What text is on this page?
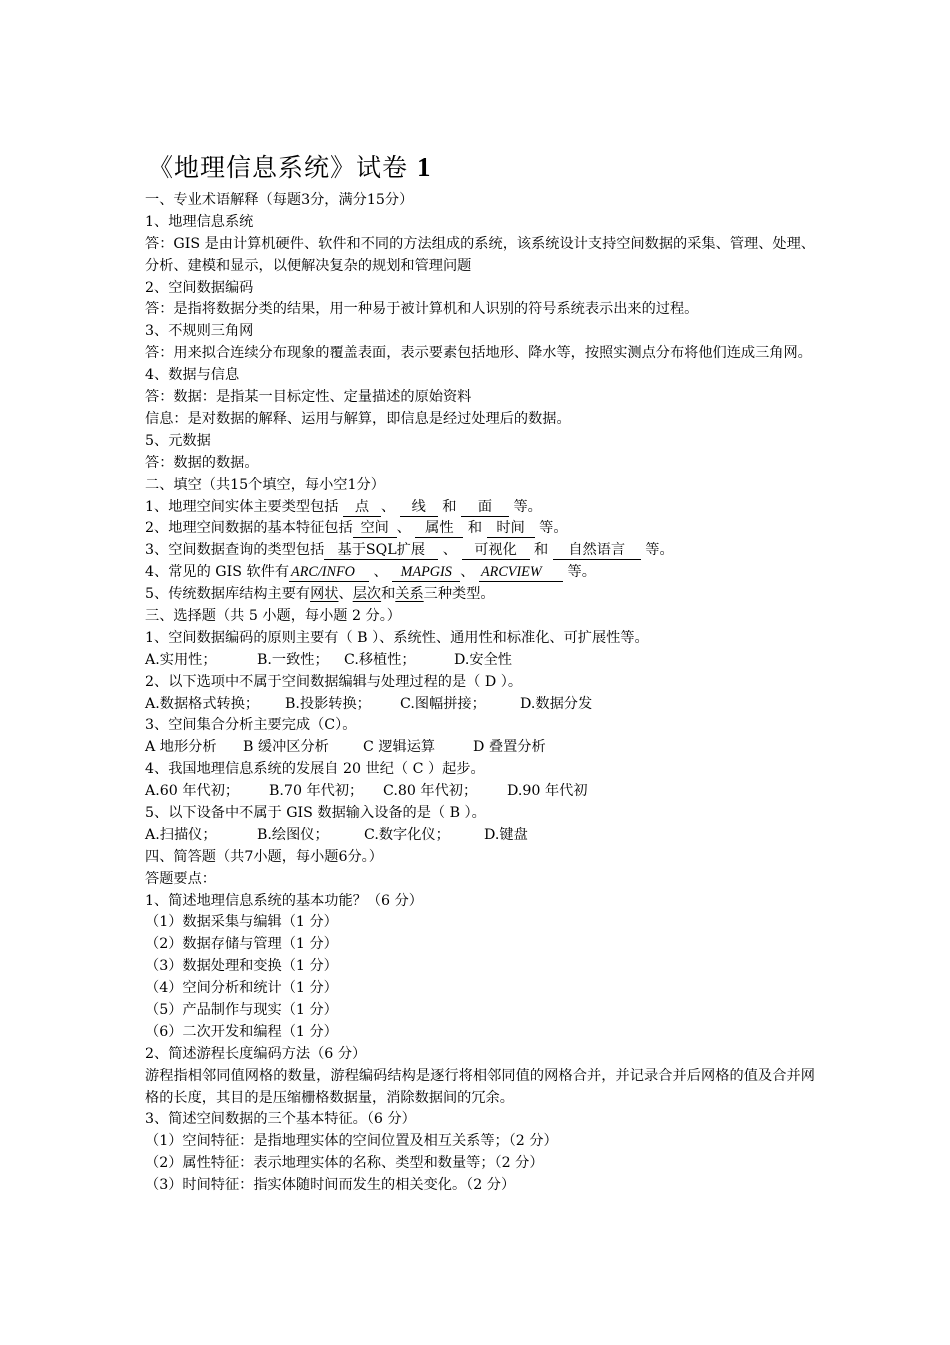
《地理信息系统》试卷 1
一、专业术语解释（每题3分，满分15分）
1、地理信息系统
答：GIS 是由计算机硬件、软件和不同的方法组成的系统，该系统设计支持空间数据的采集、管理、处理、分析、建模和显示，以便解决复杂的规划和管理问题
2、空间数据编码
答：是指将数据分类的结果，用一种易于被计算机和人识别的符号系统表示出来的过程。
3、不规则三角网
答：用来拟合连续分布现象的覆盖表面，表示要素包括地形、降水等，按照实测点分布将他们连成三角网。
4、数据与信息
答：数据：是指某一目标定性、定量描述的原始资料
信息：是对数据的解释、运用与解算，即信息是经过处理后的数据。
5、元数据
答：数据的数据。
二、填空（共15个填空，每小空1分）
1、地理空间实体主要类型包括 点 、 线 和 面 等。
2、地理空间数据的基本特征包括 空间 、 属性 和 时间 等。
3、空间数据查询的类型包括 基于SQL扩展 、 可视化 和 自然语言 等。
4、常见的 GIS 软件有 ARC/INFO 、 MAPGIS 、 ARCVIEW 等。
5、传统数据库结构主要有网状、层次和关系三种类型。
三、选择题（共 5 小题，每小题 2 分。）
1、空间数据编码的原则主要有（ B ）、系统性、通用性和标准化、可扩展性等。
A.实用性；	B.一致性； C.移植性；	D.安全性
2、以下选项中不属于空间数据编辑与处理过程的是（ D ）。
A.数据格式转换； B.投影转换； C.图幅拼接； D.数据分发
3、空间集合分析主要完成（C）。
A 地形分析 B 缓冲区分析 C 逻辑运算	D 叠置分析
4、我国地理信息系统的发展自 20 世纪（ C ）起步。
A.60 年代初； B.70 年代初； C.80 年代初； D.90 年代初
5、以下设备中不属于 GIS 数据输入设备的是（ B ）。
A.扫描仪；	B.绘图仪； C.数字化仪； D.键盘
四、简答题（共7小题，每小题6分。）
答题要点：
1、简述地理信息系统的基本功能？（6 分）
（1）数据采集与编辑（1 分）
（2）数据存储与管理（1 分）
（3）数据处理和变换（1 分）
（4）空间分析和统计（1 分）
（5）产品制作与现实（1 分）
（6）二次开发和编程（1 分）
2、简述游程长度编码方法（6 分）
游程指相邻同值网格的数量，游程编码结构是逐行将相邻同值的网格合并，并记录合并后网格的值及合并网格的长度，其目的是压缩栅格数据量，消除数据间的冗余。
3、简述空间数据的三个基本特征。（6 分）
（1）空间特征：是指地理实体的空间位置及相互关系等；（2 分）
（2）属性特征：表示地理实体的名称、类型和数量等；（2 分）
（3）时间特征：指实体随时间而发生的相关变化。（2 分）
